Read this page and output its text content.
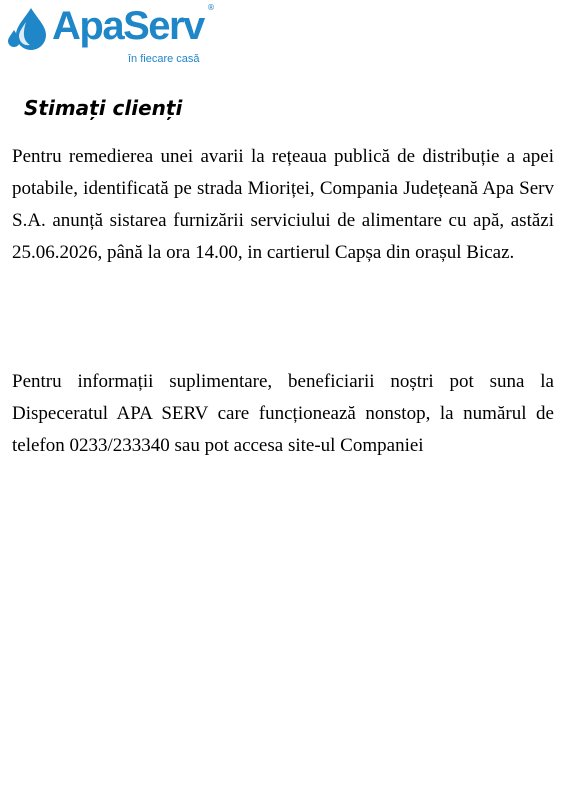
ApaServ ®
în fiecare casă
Stimați clienți

Pentru remedierea unei avarii la rețeaua publică de distribuție a apei potabile, identificată pe strada Mioriței, Compania Județeană Apa Serv S.A. anunță sistarea furnizării serviciului de alimentare cu apă, astăzi 25.06.2026, până la ora 14.00, in cartierul Capșa din orașul Bicaz.

Pentru informații suplimentare, beneficiarii noștri pot suna la Dispeceratul APA SERV care funcționează nonstop, la numărul de telefon 0233/233340 sau pot accesa site-ul Companiei
